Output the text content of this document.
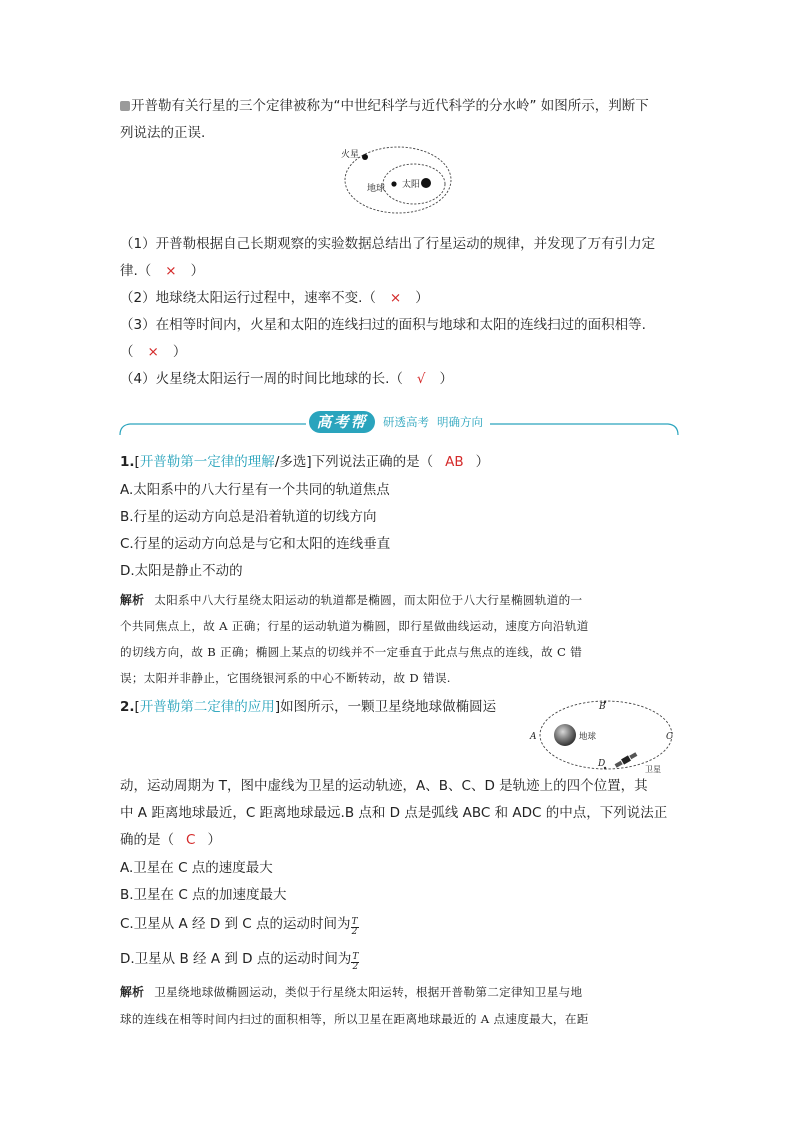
开普勒有关行星的三个定律被称为“中世纪科学与近代科学的分水岭” 如图所示，判断下
列说法的正误.
火星
地球 太阳
（1）开普勒根据自己长期观察的实验数据总结出了行星运动的规律，并发现了万有引力定
律.（ × ）
（2）地球绕太阳运行过程中，速率不变.（ × ）
（3）在相等时间内，火星和太阳的连线扫过的面积与地球和太阳的连线扫过的面积相等.
（ × ）
（4）火星绕太阳运行一周的时间比地球的长.（ √ ）
高考帮	研透高考 明确方向
1.[开普勒第一定律的理解/多选]下列说法正确的是（ AB ）
A.太阳系中的八大行星有一个共同的轨道焦点
B.行星的运动方向总是沿着轨道的切线方向
C.行星的运动方向总是与它和太阳的连线垂直
D.太阳是静止不动的
解析 太阳系中八大行星绕太阳运动的轨道都是椭圆，而太阳位于八大行星椭圆轨道的一
个共同焦点上，故 A 正确；行星的运动轨道为椭圆，即行星做曲线运动，速度方向沿轨道
的切线方向，故 B 正确；椭圆上某点的切线并不一定垂直于此点与焦点的连线，故 C 错
误；太阳并非静止，它围绕银河系的中心不断转动，故 D 错误.
2.[开普勒第二定律的应用]如图所示，一颗卫星绕地球做椭圆运
A
B
C
D
地球
卫星
动，运动周期为 T，图中虚线为卫星的运动轨迹，A、B、C、D 是轨迹上的四个位置，其
中 A 距离地球最近，C 距离地球最远.B 点和 D 点是弧线 ABC 和 ADC 的中点，下列说法正
确的是（ C ）
A.卫星在 C 点的速度最大
B.卫星在 C 点的加速度最大
C.卫星从 A 经 D 到 C 点的运动时间为 $\frac{T}{2}$
D.卫星从 B 经 A 到 D 点的运动时间为 $\frac{T}{2}$
解析 卫星绕地球做椭圆运动，类似于行星绕太阳运转，根据开普勒第二定律知卫星与地
球的连线在相等时间内扫过的面积相等，所以卫星在距离地球最近的 A 点速度最大，在距
